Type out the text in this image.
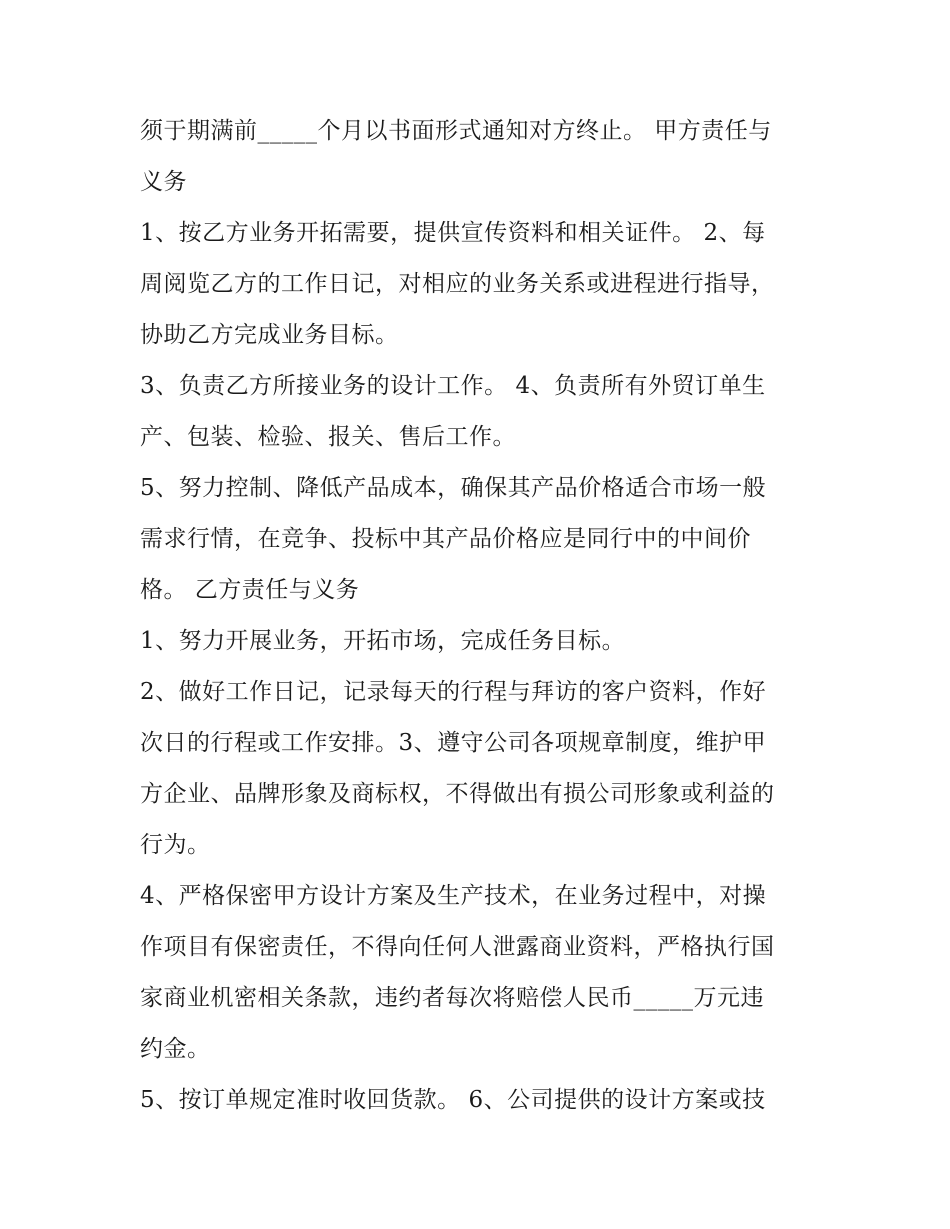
须于期满前_____个月以书面形式通知对方终止。 甲方责任与
义务
1、按乙方业务开拓需要，提供宣传资料和相关证件。 2、每
周阅览乙方的工作日记，对相应的业务关系或进程进行指导，
协助乙方完成业务目标。
3、负责乙方所接业务的设计工作。 4、负责所有外贸订单生
产、包装、检验、报关、售后工作。
5、努力控制、降低产品成本，确保其产品价格适合市场一般
需求行情，在竞争、投标中其产品价格应是同行中的中间价
格。 乙方责任与义务
1、努力开展业务，开拓市场，完成任务目标。
2、做好工作日记，记录每天的行程与拜访的客户资料，作好
次日的行程或工作安排。3、遵守公司各项规章制度，维护甲
方企业、品牌形象及商标权，不得做出有损公司形象或利益的
行为。
4、严格保密甲方设计方案及生产技术，在业务过程中，对操
作项目有保密责任，不得向任何人泄露商业资料，严格执行国
家商业机密相关条款，违约者每次将赔偿人民币_____万元违
约金。
5、按订单规定准时收回货款。 6、公司提供的设计方案或技
